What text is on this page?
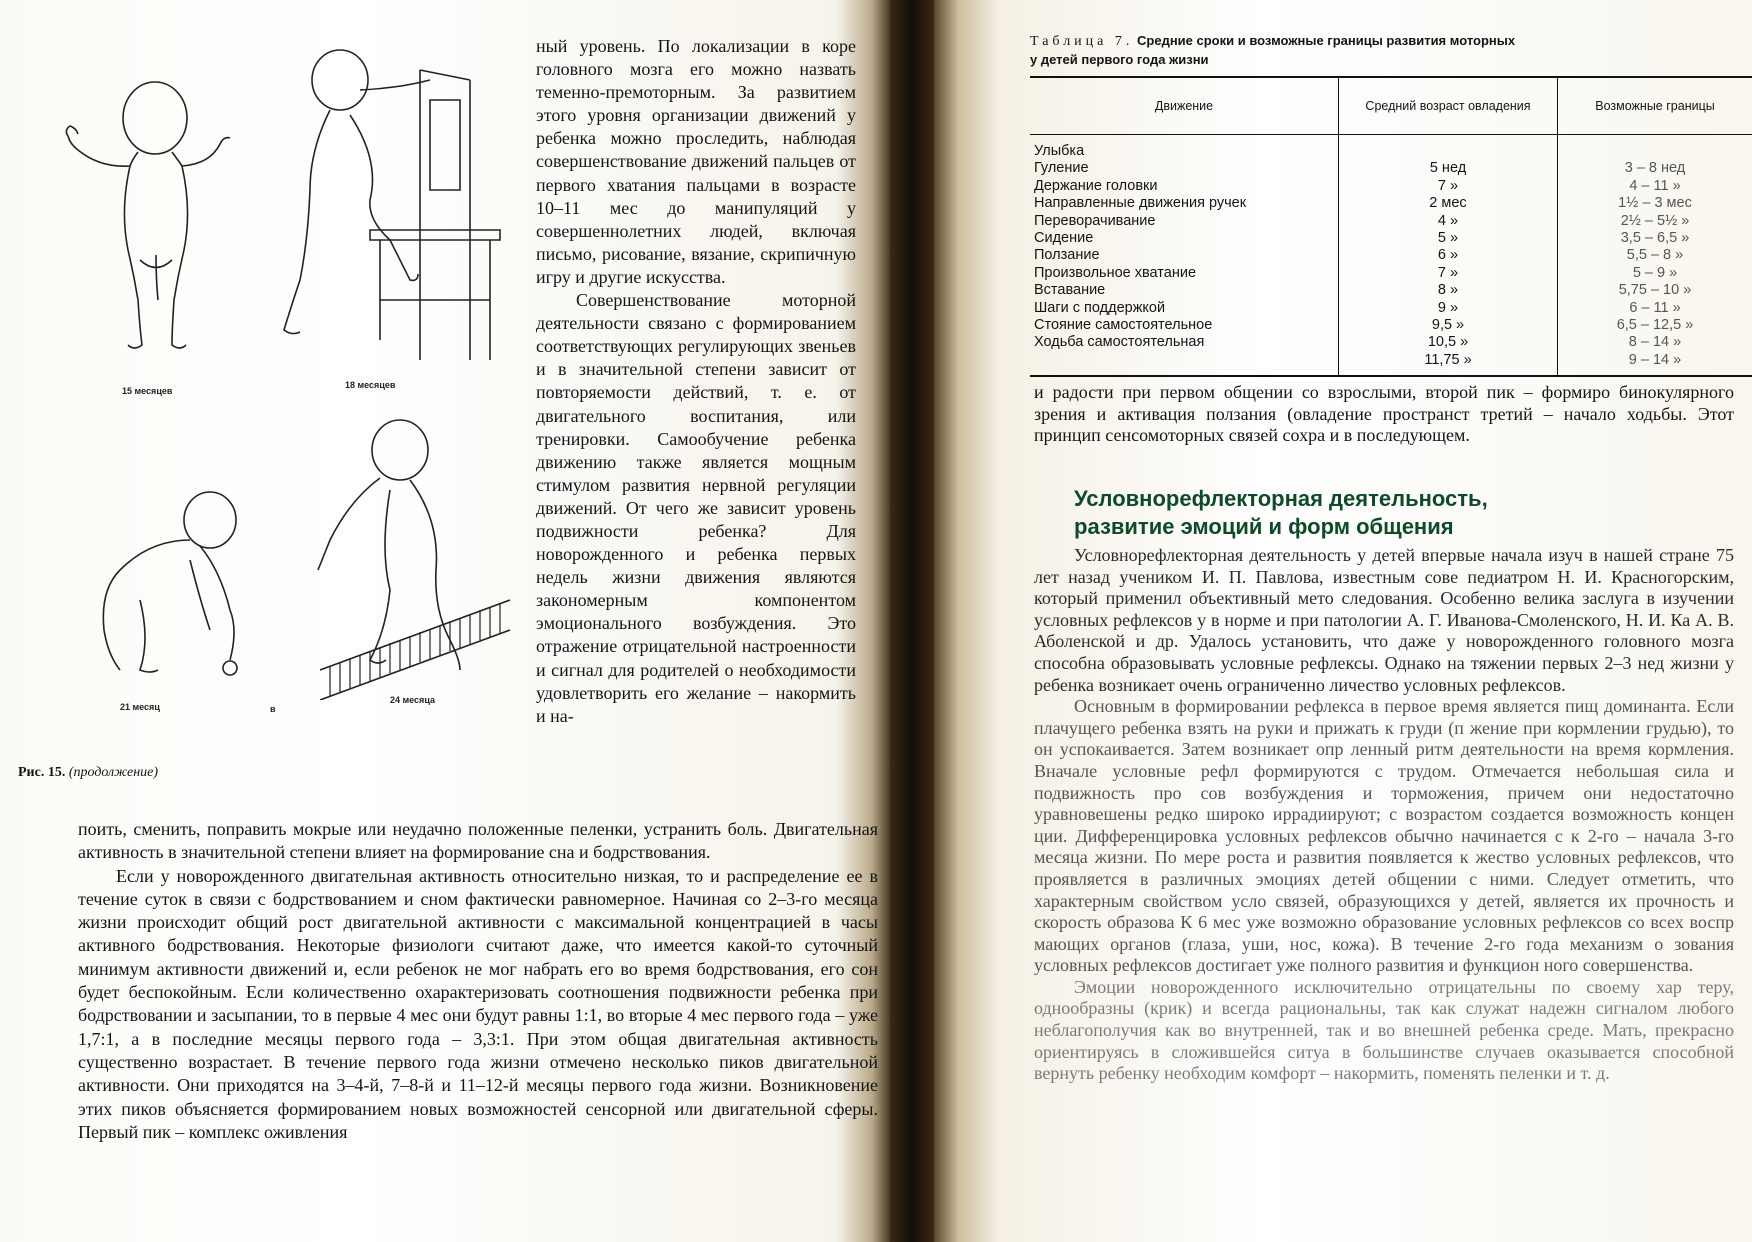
15 месяцев
18 месяцев
21 месяц	в
24 месяца
Рис. 15. (продолжение)

ный уровень. По локализации в коре головного мозга его можно назвать теменно-премоторным. За развитием этого уровня организации движений у ребенка можно проследить, наблюдая совершенствование движений пальцев от первого хватания пальцами в возрасте 10–11 мес до манипуляций у совершеннолетних людей, включая письмо, рисование, вязание, скрипичную игру и другие искусства.

Совершенствование моторной деятельности связано с формированием соответствующих регулирующих звеньев и в значительной степени зависит от повторяемости действий, т. е. от двигательного воспитания, или тренировки. Самообучение ребенка движению также является мощным стимулом развития нервной регуляции движений. От чего же зависит уровень подвижности ребенка? Для новорожденного и ребенка первых недель жизни движения являются закономерным компонентом эмоционального возбуждения. Это отражение отрицательной настроенности и сигнал для родителей о необходимости удовлетворить его желание – накормить и на-

поить, сменить, поправить мокрые или неудачно положенные пеленки, устранить боль. Двигательная активность в значительной степени влияет на формирование сна и бодрствования.

Если у новорожденного двигательная активность относительно низкая, то и распределение ее в течение суток в связи с бодрствованием и сном фактически равномерное. Начиная со 2–3-го месяца жизни происходит общий рост двигательной активности с максимальной концентрацией в часы активного бодрствования. Некоторые физиологи считают даже, что имеется какой-то суточный минимум активности движений и, если ребенок не мог набрать его во время бодрствования, его сон будет беспокойным. Если количественно охарактеризовать соотношения подвижности ребенка при бодрствовании и засыпании, то в первые 4 мес они будут равны 1:1, во вторые 4 мес первого года – уже 1,7:1, а в последние месяцы первого года – 3,3:1. При этом общая двигательная активность существенно возрастает. В течение первого года жизни отмечено несколько пиков двигательной активности. Они приходятся на 3–4-й, 7–8-й и 11–12-й месяцы первого года жизни. Возникновение этих пиков объясняется формированием новых возможностей сенсорной или двигательной сферы. Первый пик – комплекс оживления

Таблица 7. Средние сроки и возможные границы развития моторных
у детей первого года жизни
Движение	Средний возраст овладения	Возможные границы
Улыбка		
Гуление	5 нед	3 – 8 нед
Держание головки	7 »	4 – 11 »
Направленные движения ручек	2 мес	1½ – 3 мес
Переворачивание	4 »	2½ – 5½ »
Сидение	5 »	3,5 – 6,5 »
Ползание	6 »	5,5 – 8 »
Произвольное хватание	7 »	5 – 9 »
Вставание	8 »	5,75 – 10 »
Шаги с поддержкой	9 »	6 – 11 »
Стояние самостоятельное	9,5 »	6,5 – 12,5 »
Ходьба самостоятельная	10,5 »	8 – 14 »
	11,75 »	9 – 14 »

и радости при первом общении со взрослыми, второй пик – формиро бинокулярного зрения и активация ползания (овладение пространст третий – начало ходьбы. Этот принцип сенсомоторных связей сохра и в последующем.

Условнорефлекторная деятельность,
развитие эмоций и форм общения

Условнорефлекторная деятельность у детей впервые начала изуч в нашей стране 75 лет назад учеником И. П. Павлова, известным сове педиатром Н. И. Красногорским, который применил объективный мето следования. Особенно велика заслуга в изучении условных рефлексов у в норме и при патологии А. Г. Иванова-Смоленского, Н. И. Ка А. В. Аболенской и др. Удалось установить, что даже у новорожденного головного мозга способна образовывать условные рефлексы. Однако на тяжении первых 2–3 нед жизни у ребенка возникает очень ограниченно личество условных рефлексов.

Основным в формировании рефлекса в первое время является пищ доминанта. Если плачущего ребенка взять на руки и прижать к груди (п жение при кормлении грудью), то он успокаивается. Затем возникает опр ленный ритм деятельности на время кормления. Вначале условные рефл формируются с трудом. Отмечается небольшая сила и подвижность про сов возбуждения и торможения, причем они недостаточно уравновешены редко широко иррадиируют; с возрастом создается возможность концен ции. Дифференцировка условных рефлексов обычно начинается с к 2-го – начала 3-го месяца жизни. По мере роста и развития появляется к жество условных рефлексов, что проявляется в различных эмоциях детей общении с ними. Следует отметить, что характерным свойством усло связей, образующихся у детей, является их прочность и скорость образова К 6 мес уже возможно образование условных рефлексов со всех воспр мающих органов (глаза, уши, нос, кожа). В течение 2-го года механизм о зования условных рефлексов достигает уже полного развития и функцион ного совершенства.

Эмоции новорожденного исключительно отрицательны по своему хар теру, однообразны (крик) и всегда рациональны, так как служат надежн сигналом любого неблагополучия как во внутренней, так и во внешней ребенка среде. Мать, прекрасно ориентируясь в сложившейся ситуа в большинстве случаев оказывается способной вернуть ребенку необходим комфорт – накормить, поменять пеленки и т. д.
